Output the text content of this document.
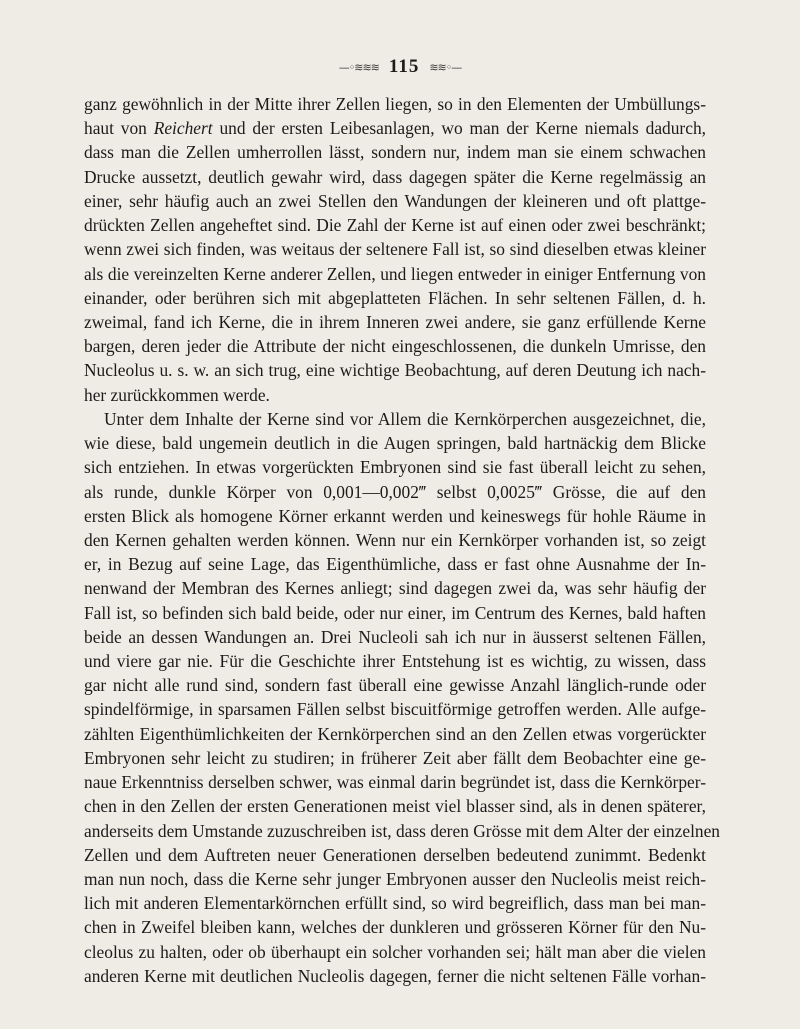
—◦≋≋≋ 115 ≋≋◦—
ganz gewöhnlich in der Mitte ihrer Zellen liegen, so in den Elementen der Umbüllungs-
haut von Reichert und der ersten Leibesanlagen, wo man der Kerne niemals dadurch,
dass man die Zellen umherrollen lässt, sondern nur, indem man sie einem schwachen
Drucke aussetzt, deutlich gewahr wird, dass dagegen später die Kerne regelmässig an
einer, sehr häufig auch an zwei Stellen den Wandungen der kleineren und oft plattge-
drückten Zellen angeheftet sind. Die Zahl der Kerne ist auf einen oder zwei beschränkt;
wenn zwei sich finden, was weitaus der seltenere Fall ist, so sind dieselben etwas kleiner
als die vereinzelten Kerne anderer Zellen, und liegen entweder in einiger Entfernung von
einander, oder berühren sich mit abgeplatteten Flächen. In sehr seltenen Fällen, d. h.
zweimal, fand ich Kerne, die in ihrem Inneren zwei andere, sie ganz erfüllende Kerne
bargen, deren jeder die Attribute der nicht eingeschlossenen, die dunkeln Umrisse, den
Nucleolus u. s. w. an sich trug, eine wichtige Beobachtung, auf deren Deutung ich nach-
her zurückkommen werde.
Unter dem Inhalte der Kerne sind vor Allem die Kernkörperchen ausgezeichnet, die,
wie diese, bald ungemein deutlich in die Augen springen, bald hartnäckig dem Blicke
sich entziehen. In etwas vorgerückten Embryonen sind sie fast überall leicht zu sehen,
als runde, dunkle Körper von 0,001—0,002‴ selbst 0,0025‴ Grösse, die auf den
ersten Blick als homogene Körner erkannt werden und keineswegs für hohle Räume in
den Kernen gehalten werden können. Wenn nur ein Kernkörper vorhanden ist, so zeigt
er, in Bezug auf seine Lage, das Eigenthümliche, dass er fast ohne Ausnahme der In-
nenwand der Membran des Kernes anliegt; sind dagegen zwei da, was sehr häufig der
Fall ist, so befinden sich bald beide, oder nur einer, im Centrum des Kernes, bald haften
beide an dessen Wandungen an. Drei Nucleoli sah ich nur in äusserst seltenen Fällen,
und viere gar nie. Für die Geschichte ihrer Entstehung ist es wichtig, zu wissen, dass
gar nicht alle rund sind, sondern fast überall eine gewisse Anzahl länglich-runde oder
spindelförmige, in sparsamen Fällen selbst biscuitförmige getroffen werden. Alle aufge-
zählten Eigenthümlichkeiten der Kernkörperchen sind an den Zellen etwas vorgerückter
Embryonen sehr leicht zu studiren; in früherer Zeit aber fällt dem Beobachter eine ge-
naue Erkenntniss derselben schwer, was einmal darin begründet ist, dass die Kernkörper-
chen in den Zellen der ersten Generationen meist viel blasser sind, als in denen späterer,
anderseits dem Umstande zuzuschreiben ist, dass deren Grösse mit dem Alter der einzelnen
Zellen und dem Auftreten neuer Generationen derselben bedeutend zunimmt. Bedenkt
man nun noch, dass die Kerne sehr junger Embryonen ausser den Nucleolis meist reich-
lich mit anderen Elementarkörnchen erfüllt sind, so wird begreiflich, dass man bei man-
chen in Zweifel bleiben kann, welches der dunkleren und grösseren Körner für den Nu-
cleolus zu halten, oder ob überhaupt ein solcher vorhanden sei; hält man aber die vielen
anderen Kerne mit deutlichen Nucleolis dagegen, ferner die nicht seltenen Fälle vorhan-
